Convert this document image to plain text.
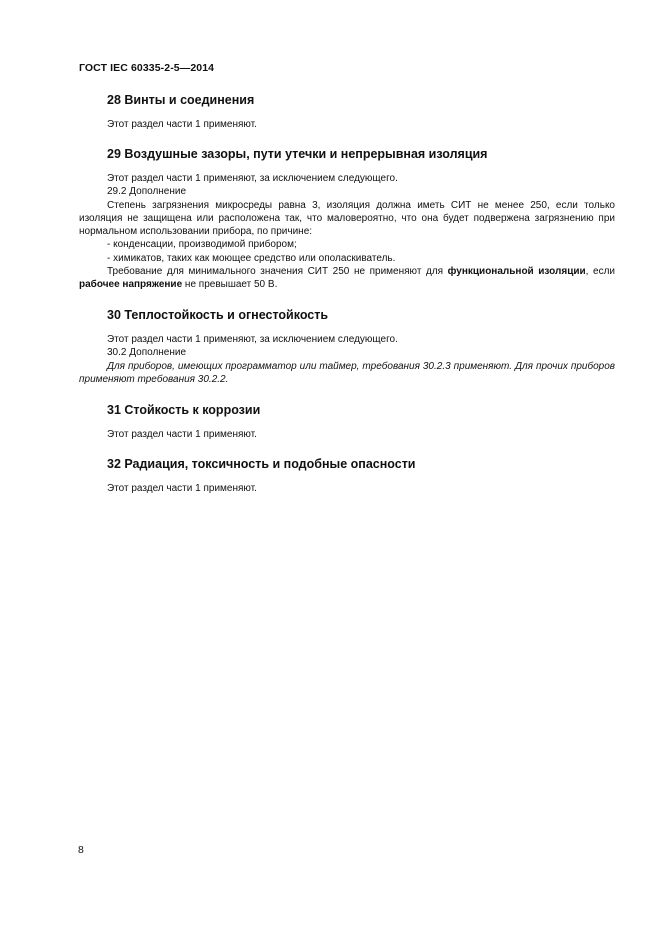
ГОСТ IEC 60335-2-5—2014
28 Винты и соединения

Этот раздел части 1 применяют.

29 Воздушные зазоры, пути утечки и непрерывная изоляция

Этот раздел части 1 применяют, за исключением следующего.

29.2 Дополнение

Степень загрязнения микросреды равна 3, изоляция должна иметь СИТ не менее 250, если только изоляция не защищена или расположена так, что маловероятно, что она будет подвержена загрязнению при нормальном использовании прибора, по причине:

- конденсации, производимой прибором;

- химикатов, таких как моющее средство или ополаскиватель.

Требование для минимального значения СИТ 250 не применяют для функциональной изоляции, если рабочее напряжение не превышает 50 В.

30 Теплостойкость и огнестойкость

Этот раздел части 1 применяют, за исключением следующего.

30.2 Дополнение

Для приборов, имеющих программатор или таймер, требования 30.2.3 применяют. Для прочих приборов применяют требования 30.2.2.

31 Стойкость к коррозии

Этот раздел части 1 применяют.

32 Радиация, токсичность и подобные опасности

Этот раздел части 1 применяют.

8
